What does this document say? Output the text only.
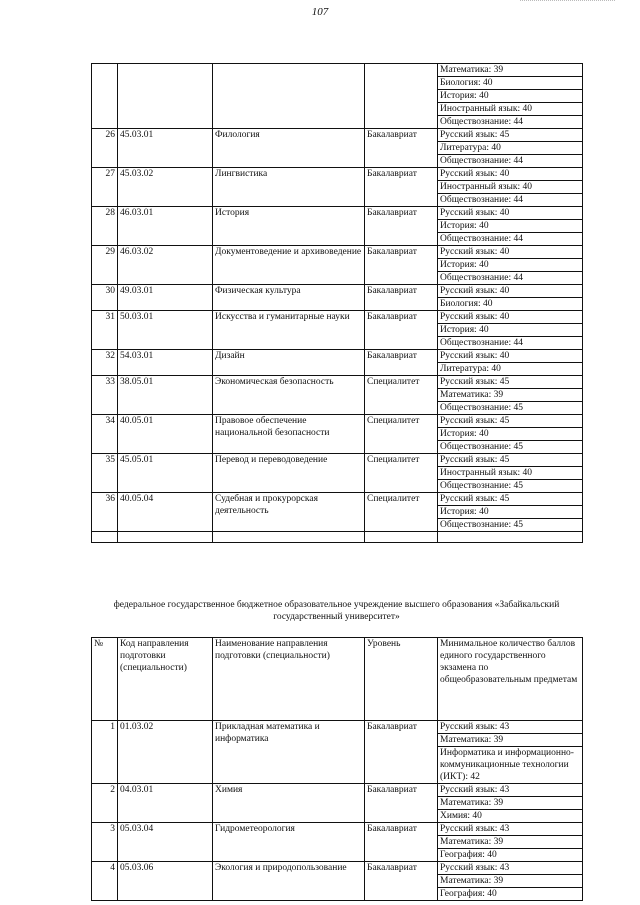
107

				Математика: 39
Биология: 40
История: 40
Иностранный язык: 40
Обществознание: 44

26	45.03.01	Филология	Бакалавриат	Русский язык: 45
Литература: 40
Обществознание: 44

27	45.03.02	Лингвистика	Бакалавриат	Русский язык: 40
Иностранный язык: 40
Обществознание: 44

28	46.03.01	История	Бакалавриат	Русский язык: 40
История: 40
Обществознание: 44

29	46.03.02	Документоведение и архивоведение	Бакалавриат	Русский язык: 40
История: 40
Обществознание: 44

30	49.03.01	Физическая культура	Бакалавриат	Русский язык: 40
Биология: 40

31	50.03.01	Искусства и гуманитарные науки	Бакалавриат	Русский язык: 40
История: 40
Обществознание: 44

32	54.03.01	Дизайн	Бакалавриат	Русский язык: 40
Литература: 40

33	38.05.01	Экономическая безопасность	Специалитет	Русский язык: 45
Математика: 39
Обществознание: 45

34	40.05.01	Правовое обеспечение национальной безопасности	Специалитет	Русский язык: 45
История: 40
Обществознание: 45

35	45.05.01	Перевод и переводоведение	Специалитет	Русский язык: 45
Иностранный язык: 40
Обществознание: 45

36	40.05.04	Судебная и прокурорская деятельность	Специалитет	Русский язык: 45
История: 40
Обществознание: 45

федеральное государственное бюджетное образовательное учреждение высшего образования «Забайкальский государственный университет»
№	Код направления подготовки (специальности)	Наименование направления подготовки (специальности)	Уровень	Минимальное количество баллов единого государственного экзамена по общеобразовательным предметам
1	01.03.02	Прикладная математика и информатика	Бакалавриат	Русский язык: 43
Математика: 39
Информатика и информационно-коммуникационные технологии (ИКТ): 42

2	04.03.01	Химия	Бакалавриат	Русский язык: 43
Математика: 39
Химия: 40

3	05.03.04	Гидрометеорология	Бакалавриат	Русский язык: 43
Математика: 39
География: 40

4	05.03.06	Экология и природопользование	Бакалавриат	Русский язык: 43
Математика: 39
География: 40
